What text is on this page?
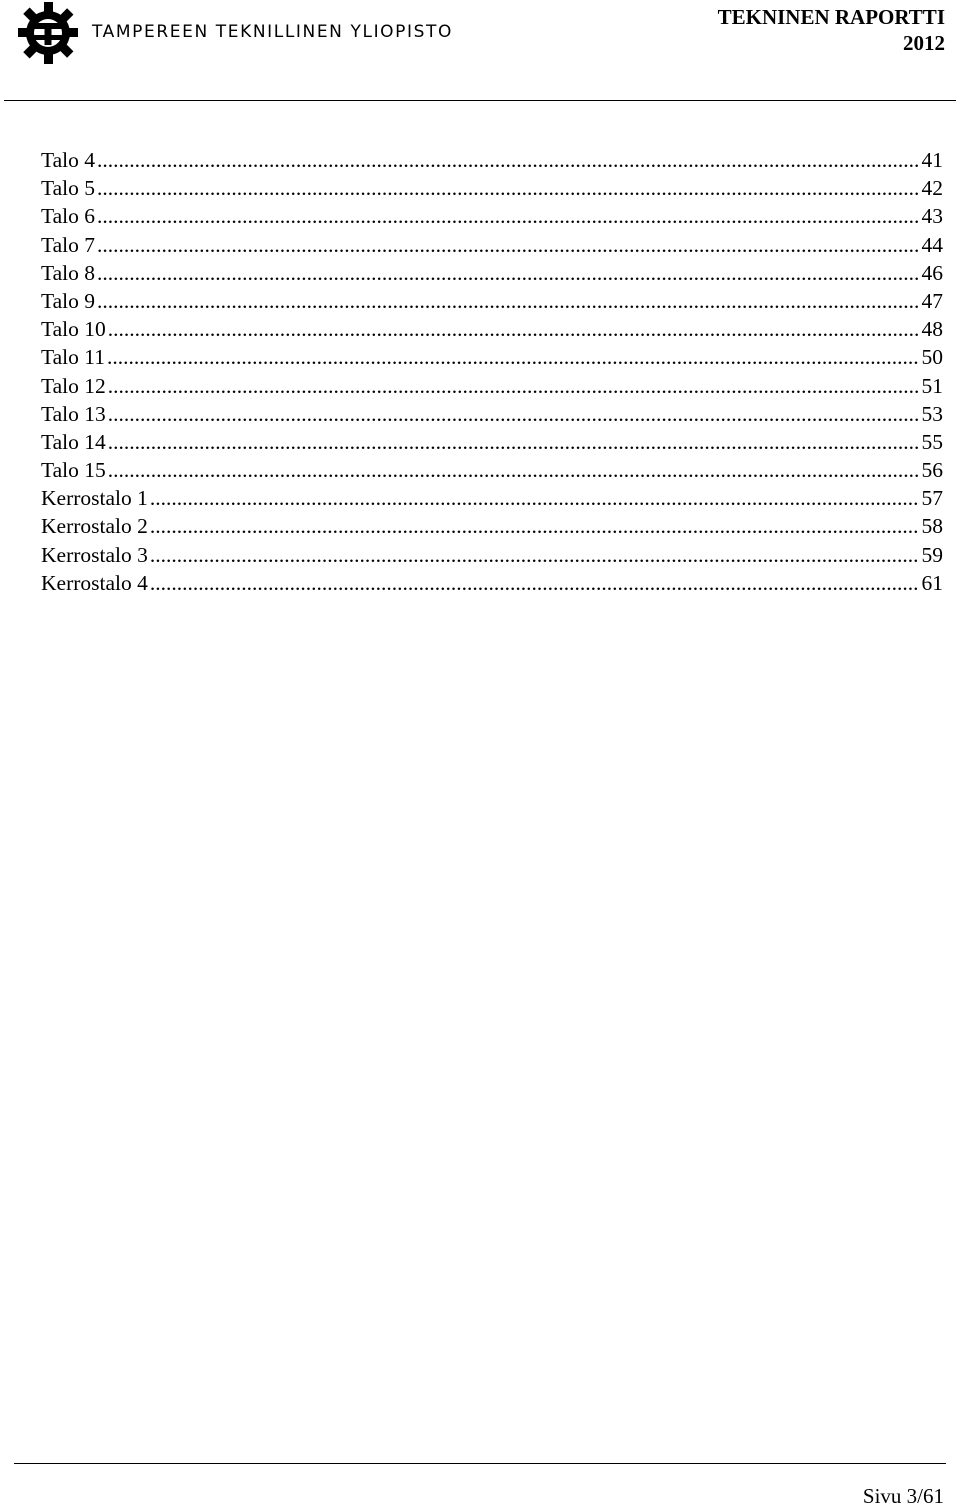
TAMPEREEN TEKNILLINEN YLIOPISTO
TEKNINEN RAPORTTI
2012
Talo 4 .....	41
Talo 5 .....	42
Talo 6 .....	43
Talo 7 .....	44
Talo 8 .....	46
Talo 9 .....	47
Talo 10 .....	48
Talo 11 .....	50
Talo 12 .....	51
Talo 13 .....	53
Talo 14 .....	55
Talo 15 .....	56
Kerrostalo 1 .....	57
Kerrostalo 2 .....	58
Kerrostalo 3 .....	59
Kerrostalo 4 .....	61
Sivu 3/61
